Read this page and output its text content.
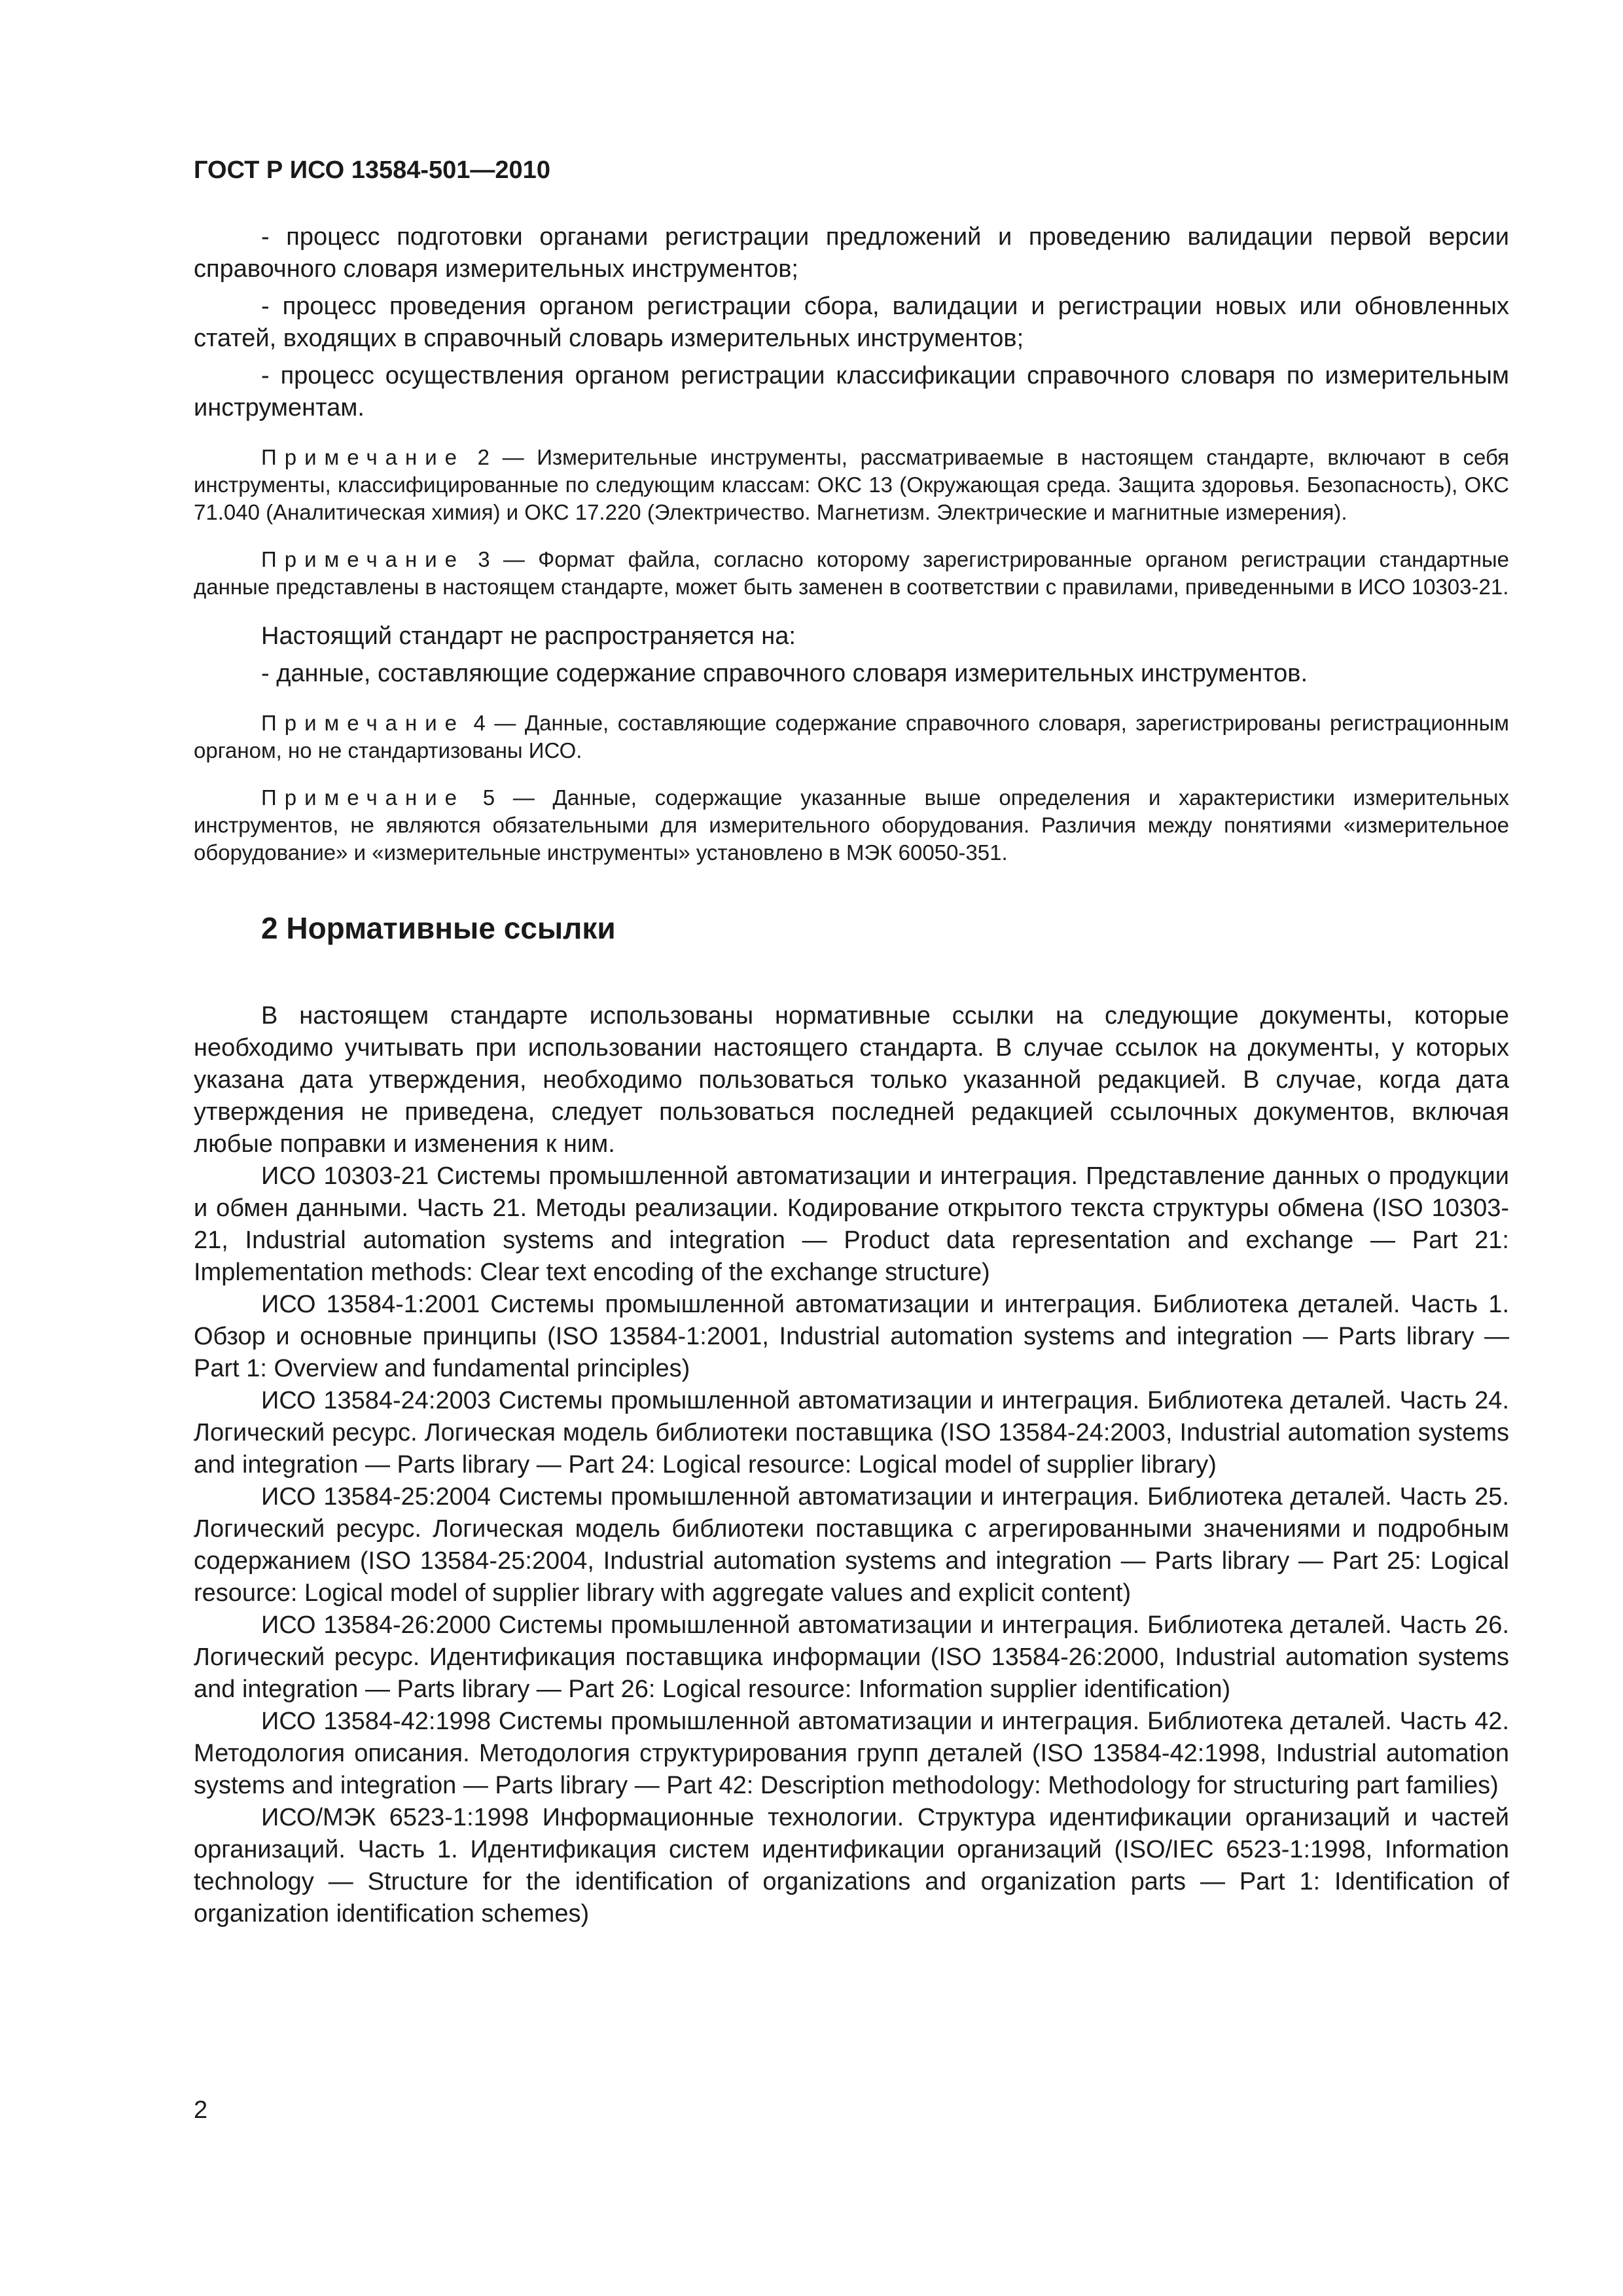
ГОСТ Р ИСО 13584-501—2010

- процесс подготовки органами регистрации предложений и проведению валидации первой версии справочного словаря измерительных инструментов;

- процесс проведения органом регистрации сбора, валидации и регистрации новых или обновленных статей, входящих в справочный словарь измерительных инструментов;

- процесс осуществления органом регистрации классификации справочного словаря по измерительным инструментам.

Примечание 2 — Измерительные инструменты, рассматриваемые в настоящем стандарте, включают в себя инструменты, классифицированные по следующим классам: ОКС 13 (Окружающая среда. Защита здоровья. Безопасность), ОКС 71.040 (Аналитическая химия) и ОКС 17.220 (Электричество. Магнетизм. Электрические и магнитные измерения).

Примечание 3 — Формат файла, согласно которому зарегистрированные органом регистрации стандартные данные представлены в настоящем стандарте, может быть заменен в соответствии с правилами, приведенными в ИСО 10303-21.

Настоящий стандарт не распространяется на:

- данные, составляющие содержание справочного словаря измерительных инструментов.

Примечание 4 — Данные, составляющие содержание справочного словаря, зарегистрированы регистрационным органом, но не стандартизованы ИСО.

Примечание 5 — Данные, содержащие указанные выше определения и характеристики измерительных инструментов, не являются обязательными для измерительного оборудования. Различия между понятиями «измерительное оборудование» и «измерительные инструменты» установлено в МЭК 60050-351.

2 Нормативные ссылки

В настоящем стандарте использованы нормативные ссылки на следующие документы, которые необходимо учитывать при использовании настоящего стандарта. В случае ссылок на документы, у которых указана дата утверждения, необходимо пользоваться только указанной редакцией. В случае, когда дата утверждения не приведена, следует пользоваться последней редакцией ссылочных документов, включая любые поправки и изменения к ним.

ИСО 10303-21 Системы промышленной автоматизации и интеграция. Представление данных о продукции и обмен данными. Часть 21. Методы реализации. Кодирование открытого текста структуры обмена (ISO 10303-21, Industrial automation systems and integration — Product data representation and exchange — Part 21: Implementation methods: Clear text encoding of the exchange structure)

ИСО 13584-1:2001 Системы промышленной автоматизации и интеграция. Библиотека деталей. Часть 1. Обзор и основные принципы (ISO 13584-1:2001, Industrial automation systems and integration — Parts library — Part 1: Overview and fundamental principles)

ИСО 13584-24:2003 Системы промышленной автоматизации и интеграция. Библиотека деталей. Часть 24. Логический ресурс. Логическая модель библиотеки поставщика (ISO 13584-24:2003, Industrial automation systems and integration — Parts library — Part 24: Logical resource: Logical model of supplier library)

ИСО 13584-25:2004 Системы промышленной автоматизации и интеграция. Библиотека деталей. Часть 25. Логический ресурс. Логическая модель библиотеки поставщика с агрегированными значениями и подробным содержанием (ISO 13584-25:2004, Industrial automation systems and integration — Parts library — Part 25: Logical resource: Logical model of supplier library with aggregate values and explicit content)

ИСО 13584-26:2000 Системы промышленной автоматизации и интеграция. Библиотека деталей. Часть 26. Логический ресурс. Идентификация поставщика информации (ISO 13584-26:2000, Industrial automation systems and integration — Parts library — Part 26: Logical resource: Information supplier identification)

ИСО 13584-42:1998 Системы промышленной автоматизации и интеграция. Библиотека деталей. Часть 42. Методология описания. Методология структурирования групп деталей (ISO 13584-42:1998, Industrial automation systems and integration — Parts library — Part 42: Description methodology: Methodology for structuring part families)

ИСО/МЭК 6523-1:1998 Информационные технологии. Структура идентификации организаций и частей организаций. Часть 1. Идентификация систем идентификации организаций (ISO/IEC 6523-1:1998, Information technology — Structure for the identification of organizations and organization parts — Part 1: Identification of organization identification schemes)

2
